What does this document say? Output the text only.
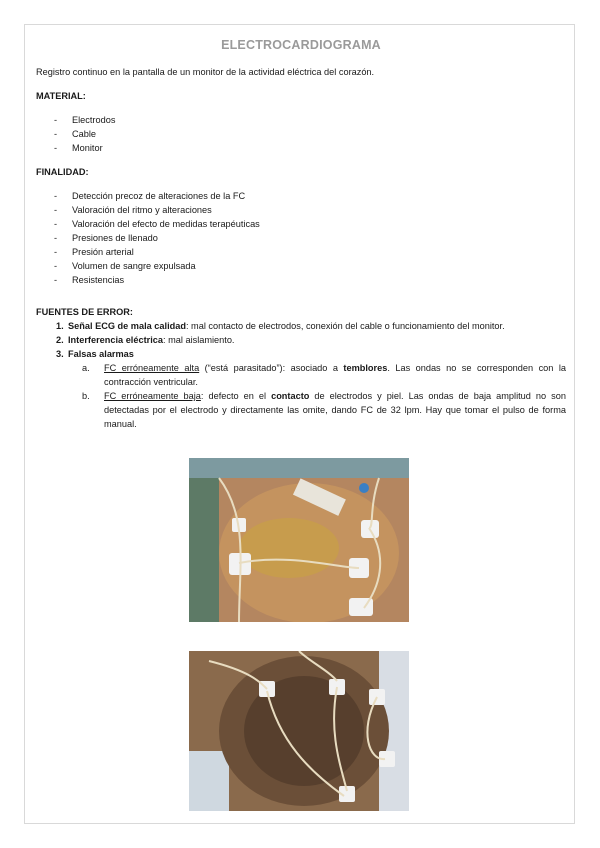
ELECTROCARDIOGRAMA
Registro continuo en la pantalla de un monitor de la actividad eléctrica del corazón.
MATERIAL:
- Electrodos
- Cable
- Monitor
FINALIDAD:
- Detección precoz de alteraciones de la FC
- Valoración del ritmo y alteraciones
- Valoración del efecto de medidas terapéuticas
- Presiones de llenado
- Presión arterial
- Volumen de sangre expulsada
- Resistencias
FUENTES DE ERROR:
1. Señal ECG de mala calidad: mal contacto de electrodos, conexión del cable o funcionamiento del monitor.
2. Interferencia eléctrica: mal aislamiento.
3. Falsas alarmas
a. FC erróneamente alta (“está parasitado”): asociado a temblores. Las ondas no se corresponden con la contracción ventricular.
b. FC erróneamente baja: defecto en el contacto de electrodos y piel. Las ondas de baja amplitud no son detectadas por el electrodo y directamente las omite, dando FC de 32 lpm. Hay que tomar el pulso de forma manual.
